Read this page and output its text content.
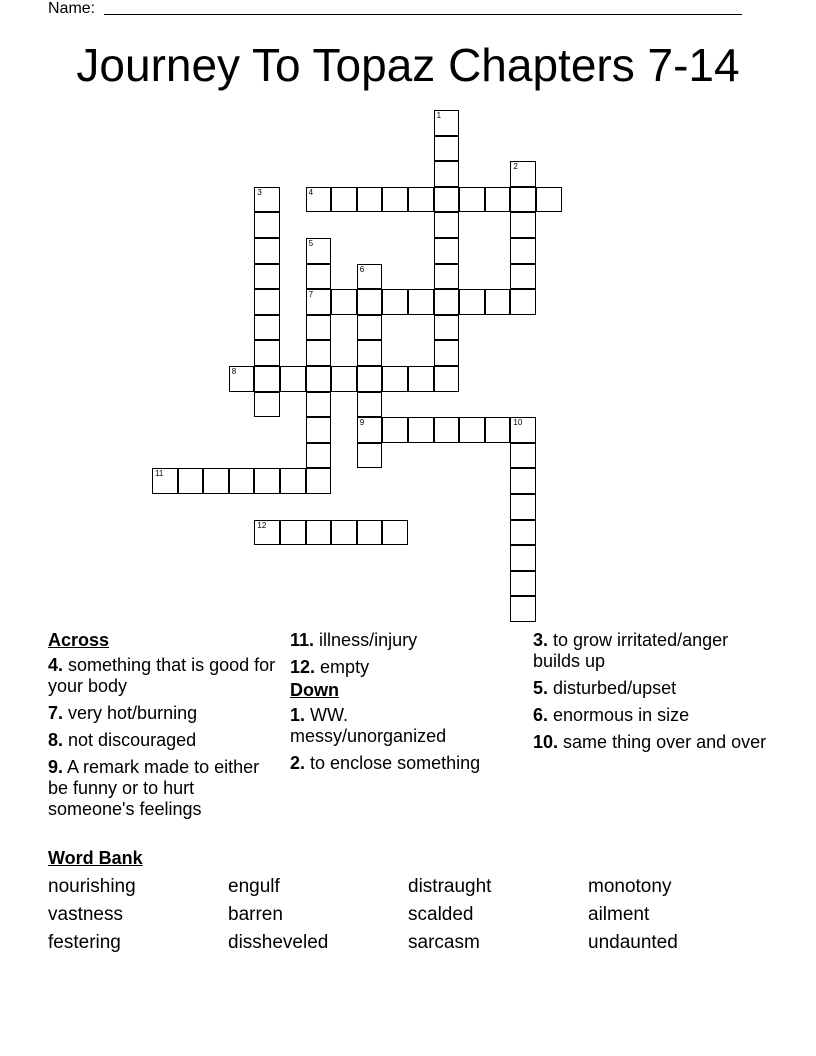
Name:
Journey To Topaz Chapters 7-14
1
2
3	4
5
7
6
9
8
10
11
12
Across
4. something that is good for your body
7. very hot/burning
8. not discouraged
9. A remark made to either be funny or to hurt someone's feelings
11. illness/injury
12. empty
Down
1. WW. messy/unorganized
2. to enclose something
3. to grow irritated/anger builds up
5. disturbed/upset
6. enormous in size
10. same thing over and over
Word Bank
nourishing	engulf	distraught	monotony
vastness	barren	scalded	ailment
festering	dissheveled	sarcasm	undaunted
